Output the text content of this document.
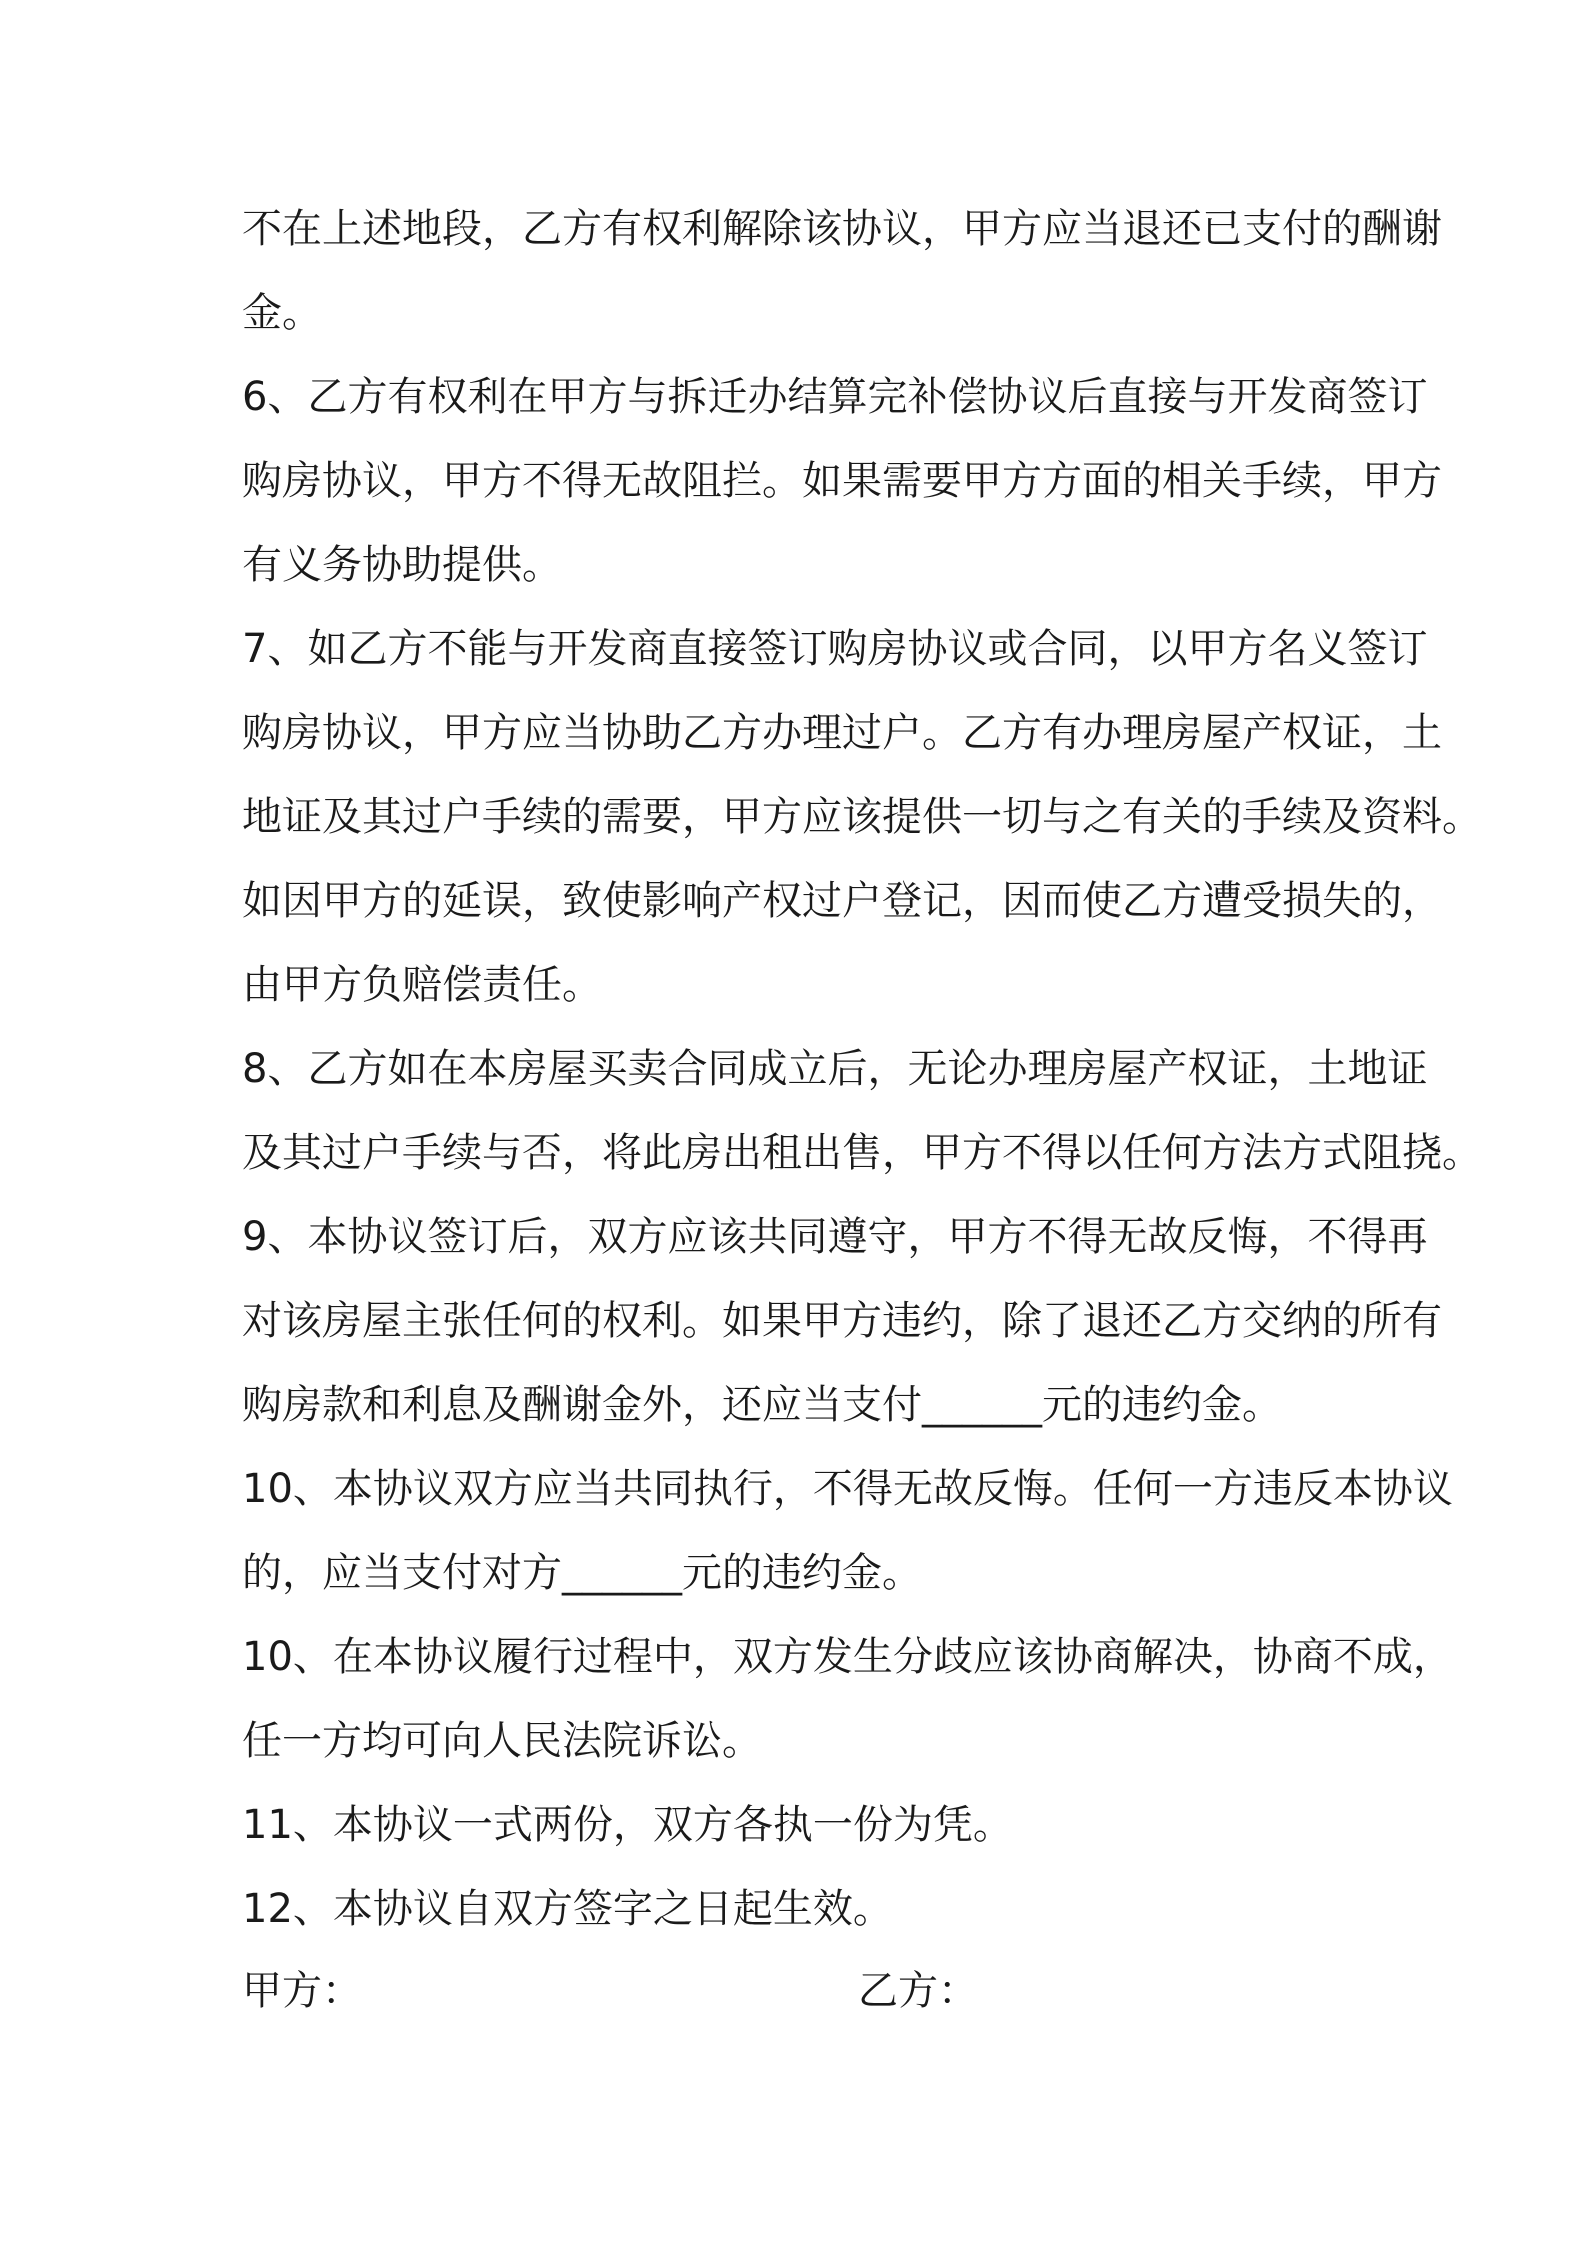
不在上述地段，乙方有权利解除该协议，甲方应当退还已支付的酬谢
金。
6、乙方有权利在甲方与拆迁办结算完补偿协议后直接与开发商签订
购房协议，甲方不得无故阻拦。如果需要甲方方面的相关手续，甲方
有义务协助提供。
7、如乙方不能与开发商直接签订购房协议或合同，以甲方名义签订
购房协议，甲方应当协助乙方办理过户。乙方有办理房屋产权证，土
地证及其过户手续的需要，甲方应该提供一切与之有关的手续及资料。
如因甲方的延误，致使影响产权过户登记，因而使乙方遭受损失的，
由甲方负赔偿责任。
8、乙方如在本房屋买卖合同成立后，无论办理房屋产权证，土地证
及其过户手续与否，将此房出租出售，甲方不得以任何方法方式阻挠。
9、本协议签订后，双方应该共同遵守，甲方不得无故反悔，不得再
对该房屋主张任何的权利。如果甲方违约，除了退还乙方交纳的所有
购房款和利息及酬谢金外，还应当支付______元的违约金。
10、本协议双方应当共同执行，不得无故反悔。任何一方违反本协议
的，应当支付对方______元的违约金。
10、在本协议履行过程中，双方发生分歧应该协商解决，协商不成，
任一方均可向人民法院诉讼。
11、本协议一式两份，双方各执一份为凭。
12、本协议自双方签字之日起生效。
甲方：	乙方：
